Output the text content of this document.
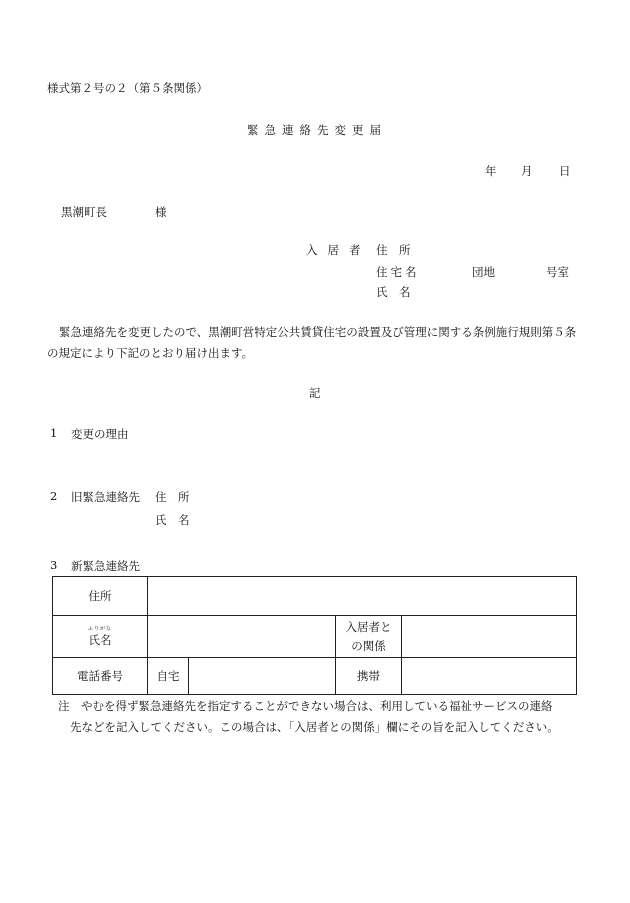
様式第２号の２（第５条関係）
緊急連絡先変更届
年 月 日
黒潮町長	様
入居者 住　所
住宅名	団地	号室
氏　名
緊急連絡先を変更したので、黒潮町営特定公共賃貸住宅の設置及び管理に関する条例施行規則第５条の規定により下記のとおり届け出ます。
記
1 変更の理由
2 旧緊急連絡先 住　所
氏　名
3 新緊急連絡先
住所				

ふりがな
氏名			入居者と
の関係	
電話番号	自宅		携帯	
注 やむを得ず緊急連絡先を指定することができない場合は、利用している福祉サービスの連絡
先などを記入してください。この場合は、「入居者との関係」欄にその旨を記入してください。
